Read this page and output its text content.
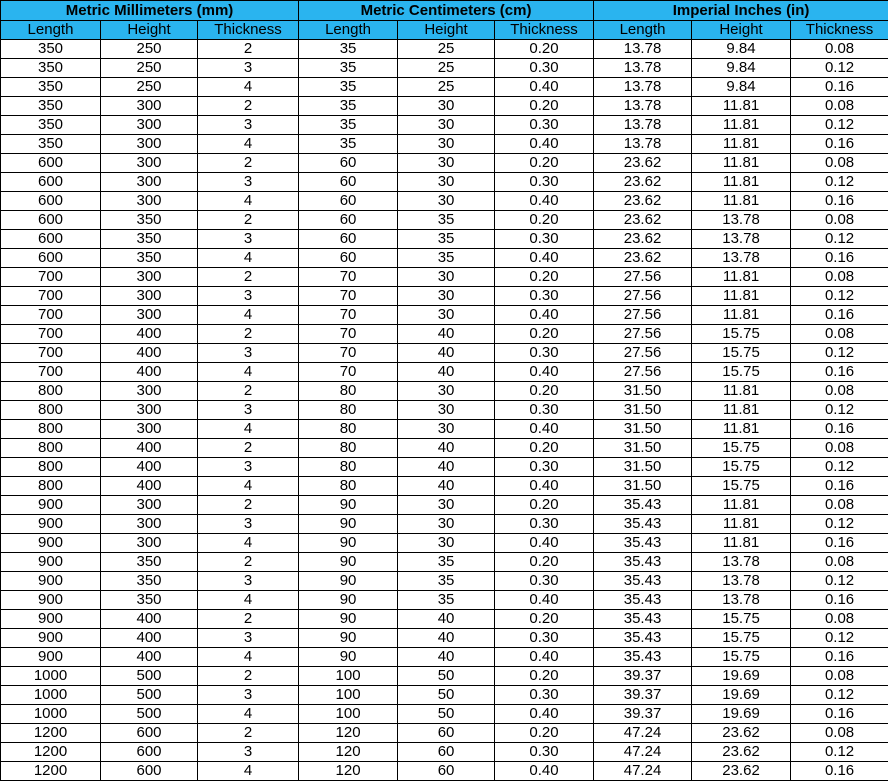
Metric Millimeters (mm)			Metric Centimeters (cm)			Imperial Inches (in)		
Length	Height	Thickness	Length	Height	Thickness	Length	Height	Thickness
350	250	2	35	25	0.20	13.78	9.84	0.08
350	250	3	35	25	0.30	13.78	9.84	0.12
350	250	4	35	25	0.40	13.78	9.84	0.16
350	300	2	35	30	0.20	13.78	11.81	0.08
350	300	3	35	30	0.30	13.78	11.81	0.12
350	300	4	35	30	0.40	13.78	11.81	0.16
600	300	2	60	30	0.20	23.62	11.81	0.08
600	300	3	60	30	0.30	23.62	11.81	0.12
600	300	4	60	30	0.40	23.62	11.81	0.16
600	350	2	60	35	0.20	23.62	13.78	0.08
600	350	3	60	35	0.30	23.62	13.78	0.12
600	350	4	60	35	0.40	23.62	13.78	0.16
700	300	2	70	30	0.20	27.56	11.81	0.08
700	300	3	70	30	0.30	27.56	11.81	0.12
700	300	4	70	30	0.40	27.56	11.81	0.16
700	400	2	70	40	0.20	27.56	15.75	0.08
700	400	3	70	40	0.30	27.56	15.75	0.12
700	400	4	70	40	0.40	27.56	15.75	0.16
800	300	2	80	30	0.20	31.50	11.81	0.08
800	300	3	80	30	0.30	31.50	11.81	0.12
800	300	4	80	30	0.40	31.50	11.81	0.16
800	400	2	80	40	0.20	31.50	15.75	0.08
800	400	3	80	40	0.30	31.50	15.75	0.12
800	400	4	80	40	0.40	31.50	15.75	0.16
900	300	2	90	30	0.20	35.43	11.81	0.08
900	300	3	90	30	0.30	35.43	11.81	0.12
900	300	4	90	30	0.40	35.43	11.81	0.16
900	350	2	90	35	0.20	35.43	13.78	0.08
900	350	3	90	35	0.30	35.43	13.78	0.12
900	350	4	90	35	0.40	35.43	13.78	0.16
900	400	2	90	40	0.20	35.43	15.75	0.08
900	400	3	90	40	0.30	35.43	15.75	0.12
900	400	4	90	40	0.40	35.43	15.75	0.16
1000	500	2	100	50	0.20	39.37	19.69	0.08
1000	500	3	100	50	0.30	39.37	19.69	0.12
1000	500	4	100	50	0.40	39.37	19.69	0.16
1200	600	2	120	60	0.20	47.24	23.62	0.08
1200	600	3	120	60	0.30	47.24	23.62	0.12
1200	600	4	120	60	0.40	47.24	23.62	0.16
